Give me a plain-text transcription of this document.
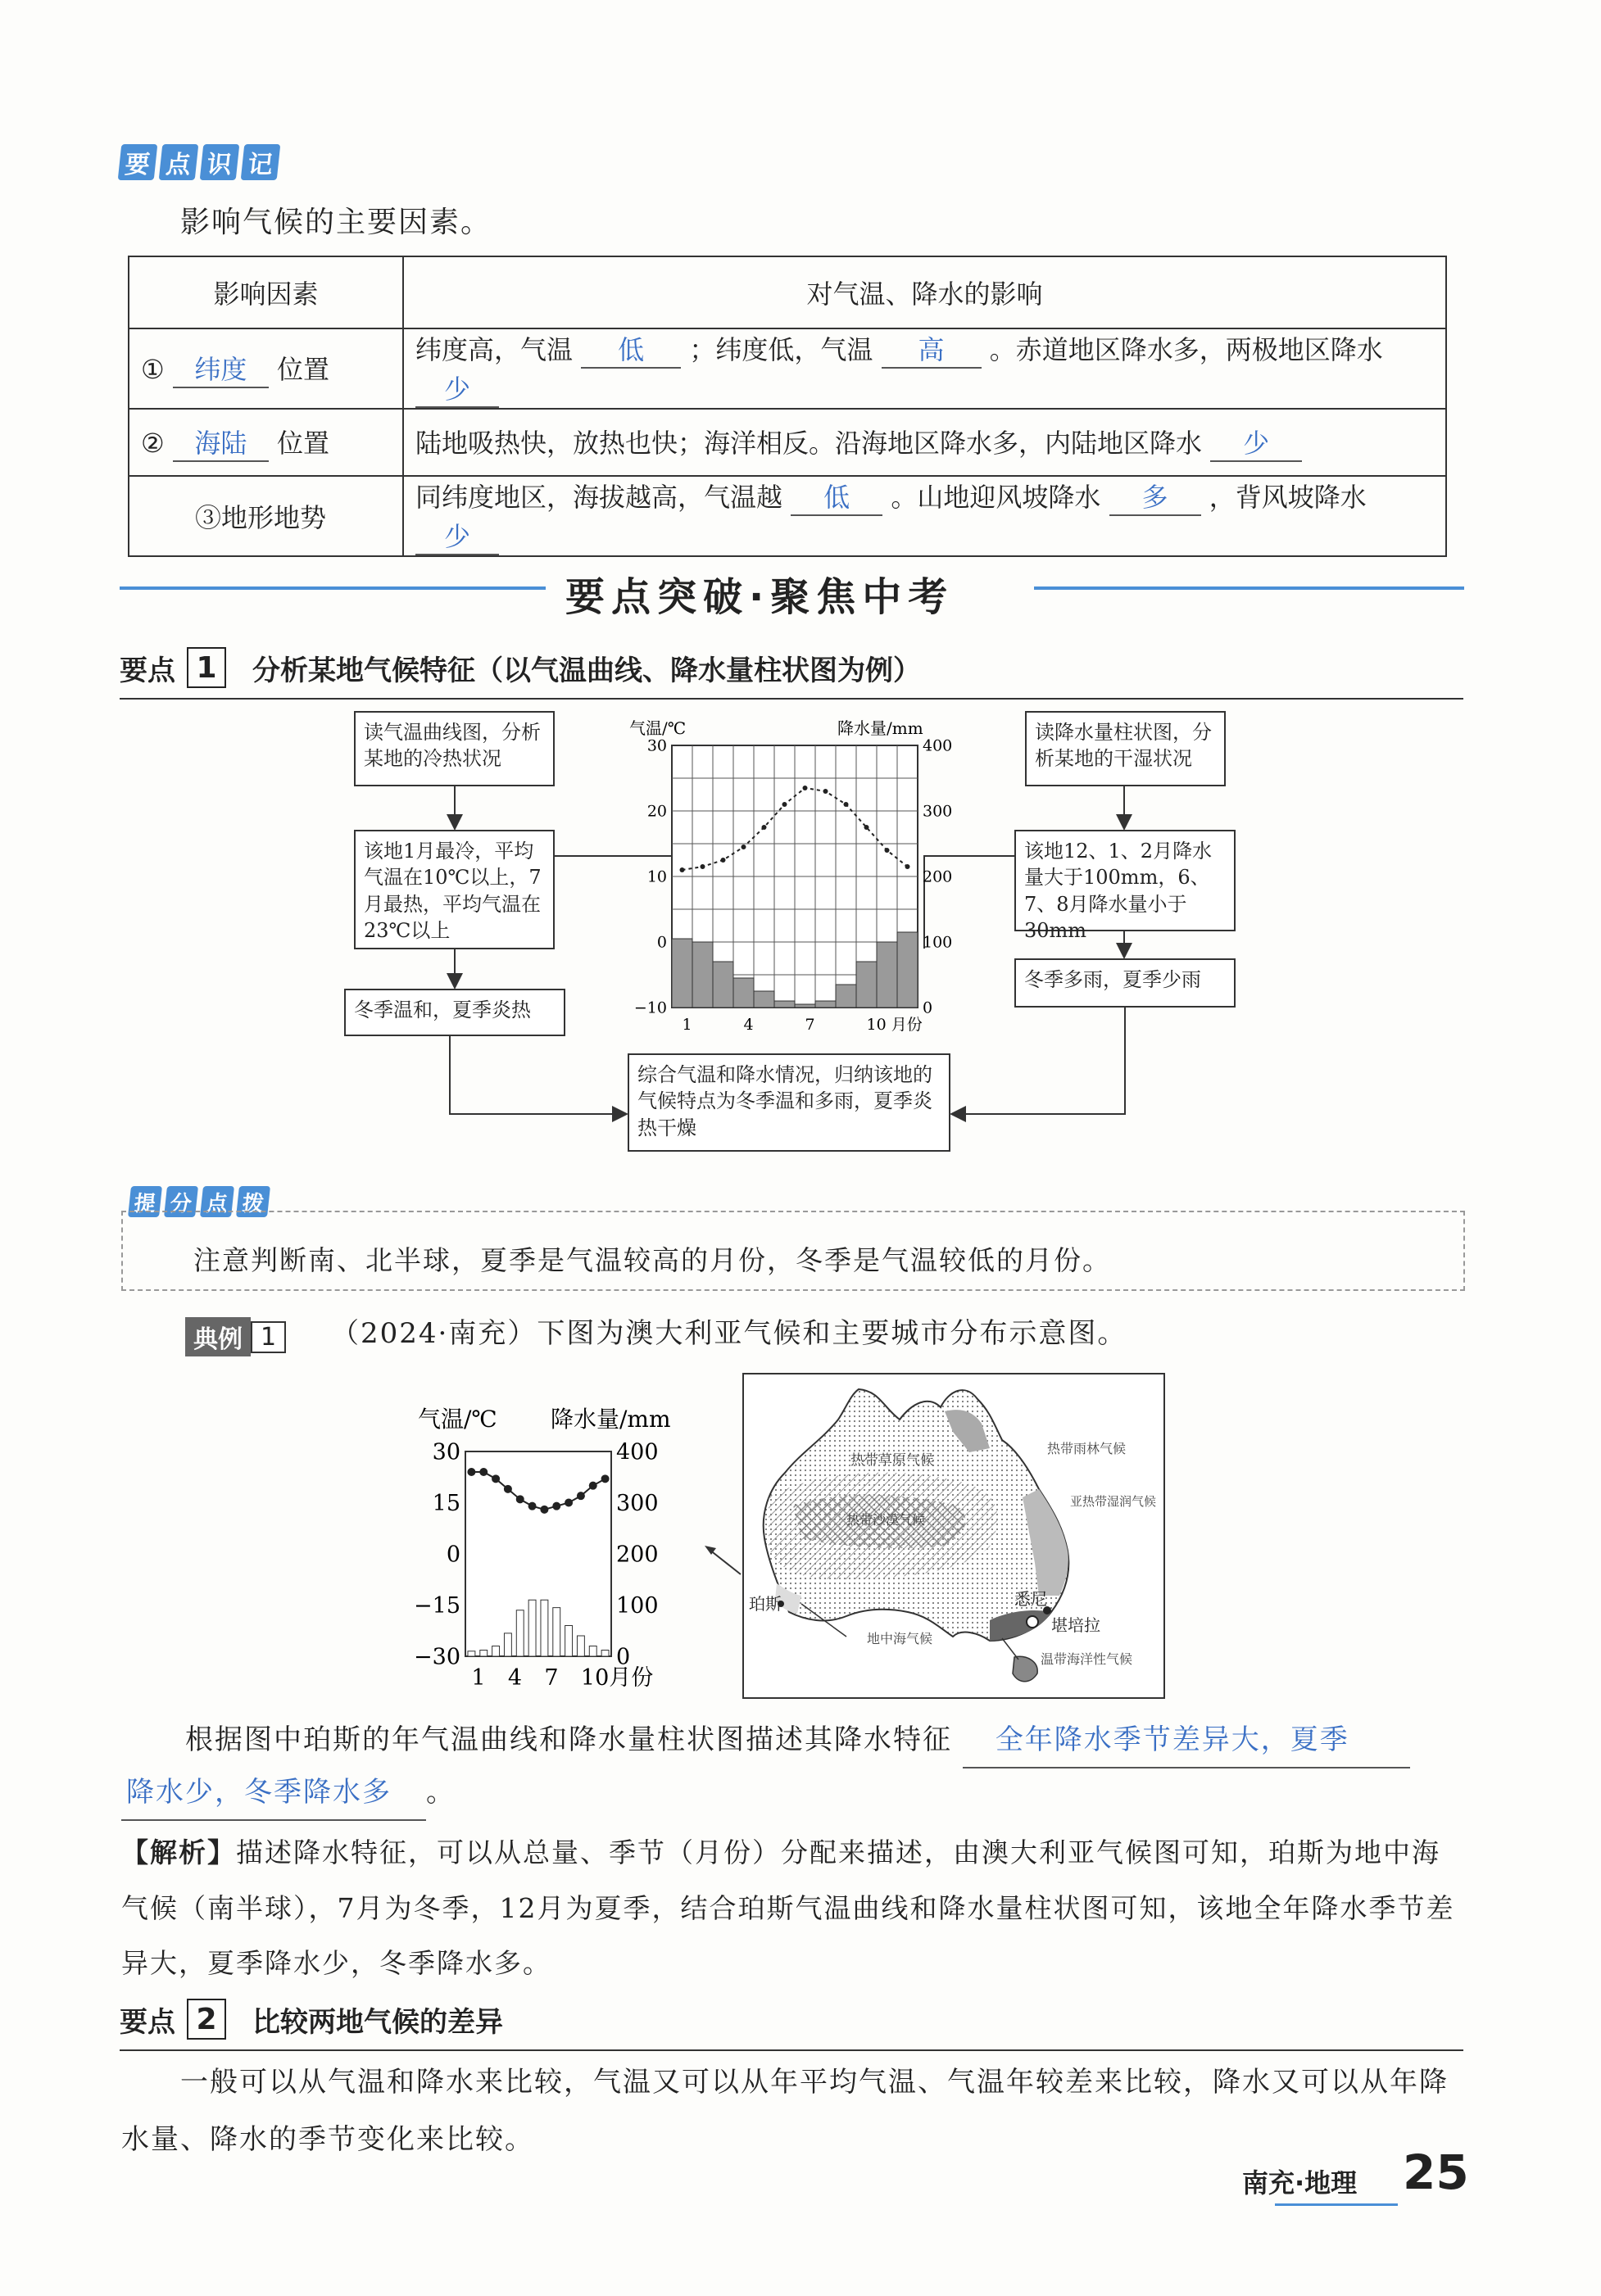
要 点 识 记
影响气候的主要因素。
影响因素	对气温、降水的影响
① 纬度 位置	纬度高，气温 低 ；纬度低，气温 高 。赤道地区降水多，两极地区降水 少
② 海陆 位置	陆地吸热快，放热也快；海洋相反。沿海地区降水多，内陆地区降水 少
③地形地势	同纬度地区，海拔越高，气温越 低 。山地迎风坡降水 多 ，背风坡降水 少
要点突破·聚焦中考
要点 1	分析某地气候特征（以气温曲线、降水量柱状图为例）
读气温曲线图，分析某地的冷热状况
该地1月最冷，平均气温在10℃以上，7月最热，平均气温在23℃以上
冬季温和，夏季炎热
读降水量柱状图，分析某地的干湿状况
该地12、1、2月降水量大于100mm，6、7、8月降水量小于30mm
冬季多雨，夏季少雨
综合气温和降水情况，归纳该地的气候特点为冬季温和多雨，夏季炎热干燥
气温/℃	降水量/mm
30
20
10
0
−10
400
300
200
100
0
1	4	7	10 月份
提 分 点 拨
注意判断南、北半球，夏季是气温较高的月份，冬季是气温较低的月份。
典例 1	（2024·南充）下图为澳大利亚气候和主要城市分布示意图。
气温/℃ 降水量/mm
30
15
0
−15
−30
400
300
200
100
0
1 4 7 10月份
热带草原气候
热带雨林气候
亚热带湿润气候
热带沙漠气候
悉尼
珀斯
堪培拉
地中海气候
温带海洋性气候
根据图中珀斯的年气温曲线和降水量柱状图描述其降水特征 全年降水季节差异大，夏季
降水少，冬季降水多 。
【解析】描述降水特征，可以从总量、季节（月份）分配来描述，由澳大利亚气候图可知，珀斯为地中海气候（南半球），7月为冬季，12月为夏季，结合珀斯气温曲线和降水量柱状图可知，该地全年降水季节差异大，夏季降水少，冬季降水多。
要点 2	比较两地气候的差异
一般可以从气温和降水来比较，气温又可以从年平均气温、气温年较差来比较，降水又可以从年降水量、降水的季节变化来比较。
南充·地理 25
